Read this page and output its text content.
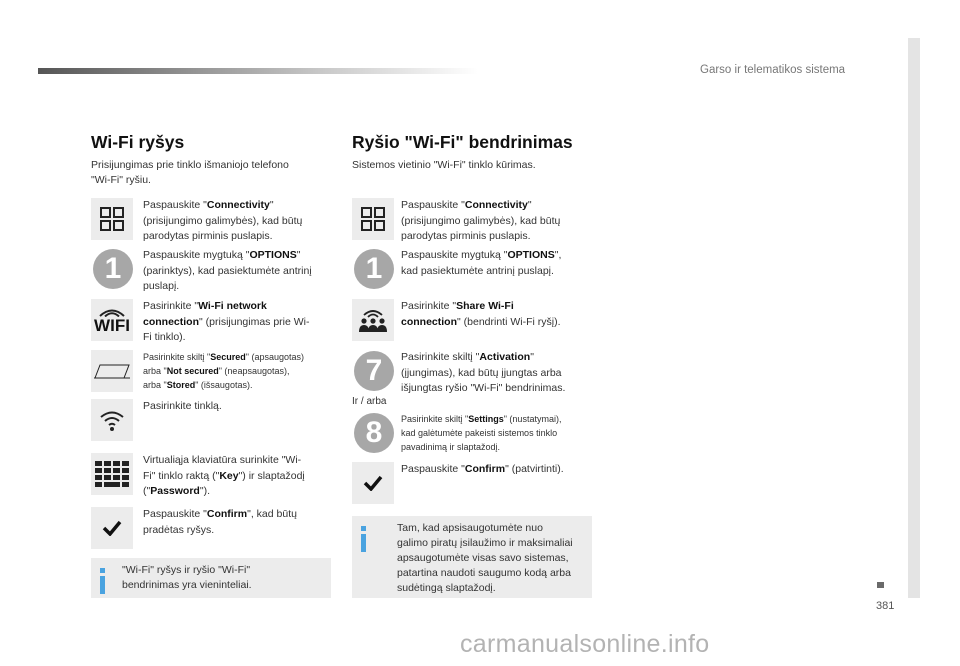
Garso ir telematikos sistema
381
carmanualsonline.info
Wi-Fi ryšys	Ryšio "Wi-Fi" bendrinimas
Prisijungimas prie tinklo išmaniojo telefono
"Wi-Fi" ryšiu.
Sistemos vietinio "Wi-Fi" tinklo kūrimas.
Paspauskite "Connectivity"
(prisijungimo galimybės), kad būtų
parodytas pirminis puslapis.
1	Paspauskite mygtuką "OPTIONS"
(parinktys), kad pasiektumėte antrinį
puslapį.
WIFI
Pasirinkite "Wi-Fi network
connection" (prisijungimas prie Wi-
Fi tinklo).
Pasirinkite skiltį "Secured" (apsaugotas)
arba "Not secured" (neapsaugotas),
arba "Stored" (išsaugotas).
Pasirinkite tinklą.
Virtualiąja klaviatūra surinkite "Wi-
Fi" tinklo raktą ("Key") ir slaptažodį
("Password").
Paspauskite "Confirm", kad būtų
pradėtas ryšys.
Paspauskite "Connectivity"
(prisijungimo galimybės), kad būtų
parodytas pirminis puslapis.
1	Paspauskite mygtuką "OPTIONS",
kad pasiektumėte antrinį puslapį.
Pasirinkite "Share Wi-Fi
connection" (bendrinti Wi-Fi ryšį).
7	Pasirinkite skiltį "Activation"
(įjungimas), kad būtų įjungtas arba
išjungtas ryšio "Wi-Fi" bendrinimas.
8	Pasirinkite skiltį "Settings" (nustatymai),
kad galėtumėte pakeisti sistemos tinklo
pavadinimą ir slaptažodį.
Paspauskite "Confirm" (patvirtinti).
Ir / arba
"Wi-Fi" ryšys ir ryšio "Wi-Fi"
bendrinimas yra vieninteliai.
Tam, kad apsisaugotumėte nuo
galimo piratų įsilaužimo ir maksimaliai
apsaugotumėte visas savo sistemas,
patartina naudoti saugumo kodą arba
sudėtingą slaptažodį.
